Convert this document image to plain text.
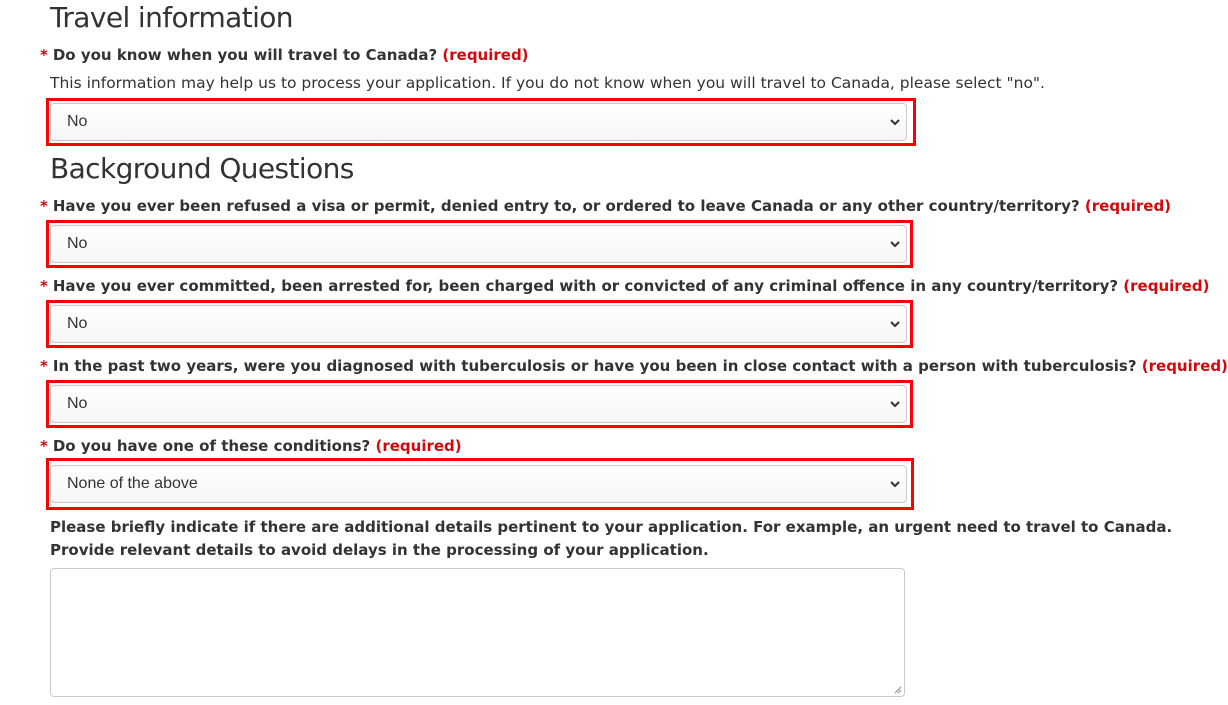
Travel information
* Do you know when you will travel to Canada? (required)
This information may help us to process your application. If you do not know when you will travel to Canada, please select "no".
No
Background Questions
* Have you ever been refused a visa or permit, denied entry to, or ordered to leave Canada or any other country/territory? (required)
No
* Have you ever committed, been arrested for, been charged with or convicted of any criminal offence in any country/territory? (required)
No
* In the past two years, were you diagnosed with tuberculosis or have you been in close contact with a person with tuberculosis? (required)
No
* Do you have one of these conditions? (required)
None of the above
Please briefly indicate if there are additional details pertinent to your application. For example, an urgent need to travel to Canada. Provide relevant details to avoid delays in the processing of your application.
